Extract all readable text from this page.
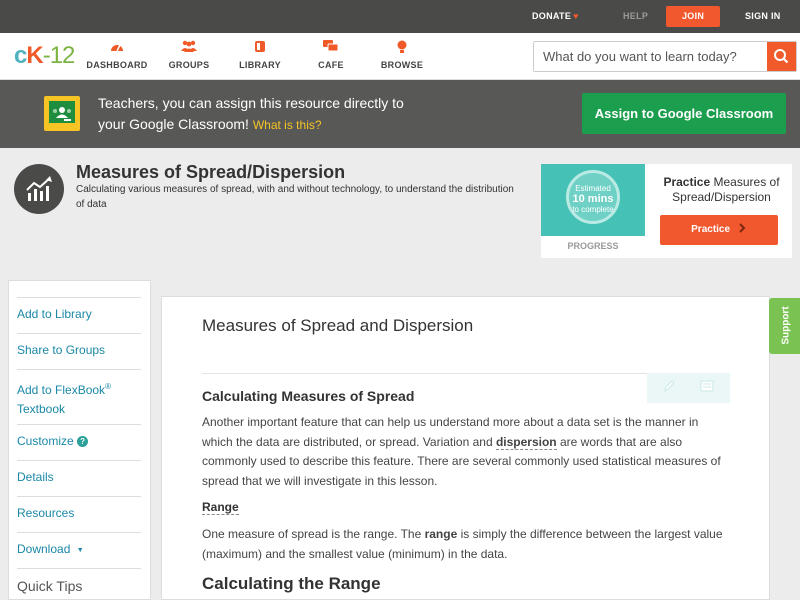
DONATE ♥	HELP	JOIN	SIGN IN
cK-12	DASHBOARD	GROUPS	LIBRARY	CAFE	BROWSE
What do you want to learn today?
Teachers, you can assign this resource directly to
your Google Classroom! What is this?
Assign to Google Classroom
Measures of Spread/Dispersion
Calculating various measures of spread, with and without technology, to understand the distribution of data
Estimated
10 mins
to complete
PROGRESS
Practice Measures of Spread/Dispersion
Practice
Add to Library
Share to Groups
Add to FlexBook®
Textbook
Customize ?
Details
Resources
Download ▼
Quick Tips
Measures of Spread and Dispersion
Calculating Measures of Spread
Another important feature that can help us understand more about a data set is the manner in which the data are distributed, or spread. Variation and dispersion are words that are also commonly used to describe this feature. There are several commonly used statistical measures of spread that we will investigate in this lesson.
Range
One measure of spread is the range. The range is simply the difference between the largest value (maximum) and the smallest value (minimum) in the data.
Calculating the Range
Support
